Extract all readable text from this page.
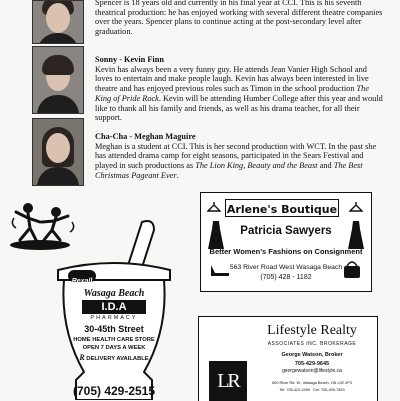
Spencer is 18 years old and currently in his final year at CCI. This is his seventh theatrical production: he has enjoyed working with several different theatre companies over the years. Spencer plans to continue acting at the post-secondary level after graduation.

Sonny - Kevin Finn

Kevin has always been a very funny guy. He attends Jean Vanier High School and loves to entertain and make people laugh. Kevin has always been interested in live theatre and has enjoyed previous roles such as Timon in the school production The King of Pride Rock. Kevin will be attending Humber College after this year and would like to thank all his family and friends, as well as his drama teacher, for all their support.

Cha-Cha - Meghan Maguire

Meghan is a student at CCI. This is her second production with WCT. In the past she has attended drama camp for eight seasons, participated in the Sears Festival and played in such productions as The Lion King, Beauty and the Beast and The Best Christmas Pageant Ever.

Arlene's Boutique
Patricia Sawyers
Better Women's Fashions on Consignment
563 River Road West Wasaga Beach
(705) 428 - 1182
Rexall
Wasaga Beach
I.D.A
PHARMACY
30-45th Street
HOME HEALTH CARE STORE
OPEN 7 DAYS A WEEK
R DELIVERY AVAILABLE
(705) 429-2515	LR
Lifestyle Realty
ASSOCIATES INC. BROKERAGE
George Watson, Broker
705-429-9645
georgewatson@lifestyle.ca
890 River Rd. W., Wasaga Beach, ON L9Z 2P3
Tel: 705-422-2499 Cel: 705-409-7853
